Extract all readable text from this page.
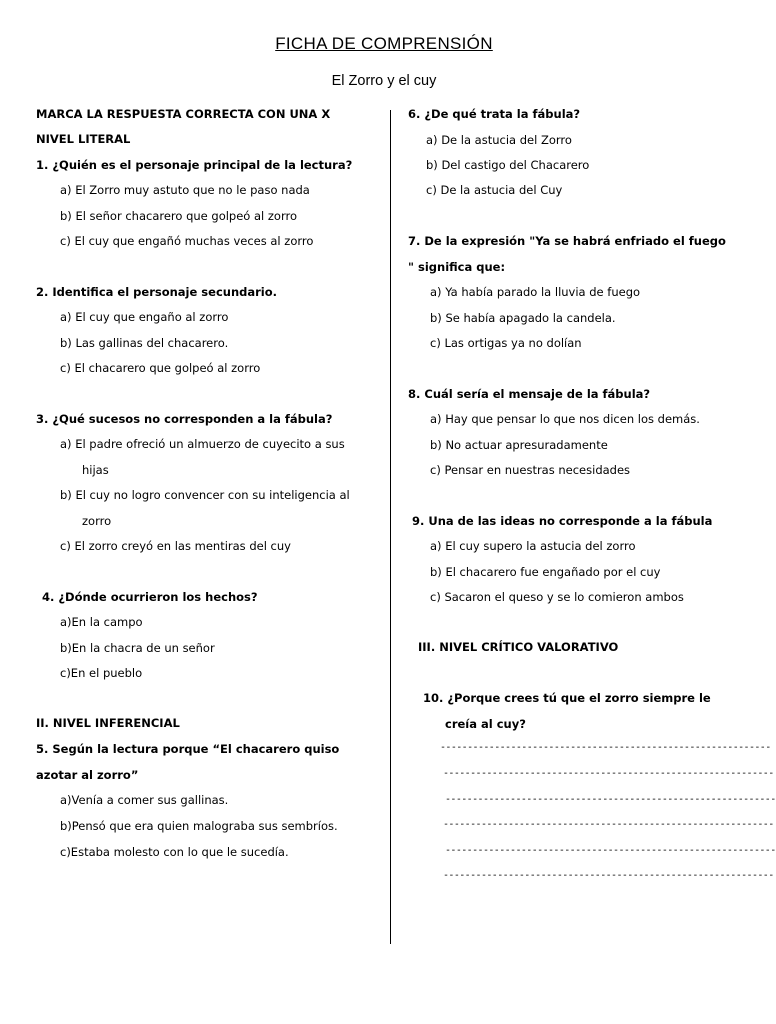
FICHA DE COMPRENSIÓN
El Zorro y el cuy
MARCA LA RESPUESTA CORRECTA CON UNA X
NIVEL LITERAL
1. ¿Quién es el personaje principal de la lectura?
a) El Zorro muy astuto que no le paso nada
b) El señor chacarero que golpeó al zorro
c) El cuy que engañó muchas veces al zorro
2. Identifica el personaje secundario.
a) El cuy que engaño al zorro
b) Las gallinas del chacarero.
c) El chacarero que golpeó al zorro
3. ¿Qué sucesos no corresponden a la fábula?
a) El padre ofreció un almuerzo de cuyecito a sus
hijas
b) El cuy no logro convencer con su inteligencia al
zorro
c) El zorro creyó en las mentiras del cuy
4. ¿Dónde ocurrieron los hechos?
a)En la campo
b)En la chacra de un señor
c)En el pueblo
II. NIVEL INFERENCIAL
5. Según la lectura porque “El chacarero quiso
azotar al zorro”
a)Venía a comer sus gallinas.
b)Pensó que era quien malograba sus sembríos.
c)Estaba molesto con lo que le sucedía.
6. ¿De qué trata la fábula?
a) De la astucia del Zorro
b) Del castigo del Chacarero
c) De la astucia del Cuy
7. De la expresión "Ya se habrá enfriado el fuego
" significa que:
a) Ya había parado la lluvia de fuego
b) Se había apagado la candela.
c) Las ortigas ya no dolían
8. Cuál sería el mensaje de la fábula?
a) Hay que pensar lo que nos dicen los demás.
b) No actuar apresuradamente
c) Pensar en nuestras necesidades
9. Una de las ideas no corresponde a la fábula
a) El cuy supero la astucia del zorro
b) El chacarero fue engañado por el cuy
c) Sacaron el queso y se lo comieron ambos
III. NIVEL CRÍTICO VALORATIVO
10. ¿Porque crees tú que el zorro siempre le
creía al cuy?
-------------------------------------------------------------
-------------------------------------------------------------
-------------------------------------------------------------
-------------------------------------------------------------
-------------------------------------------------------------
-------------------------------------------------------------
